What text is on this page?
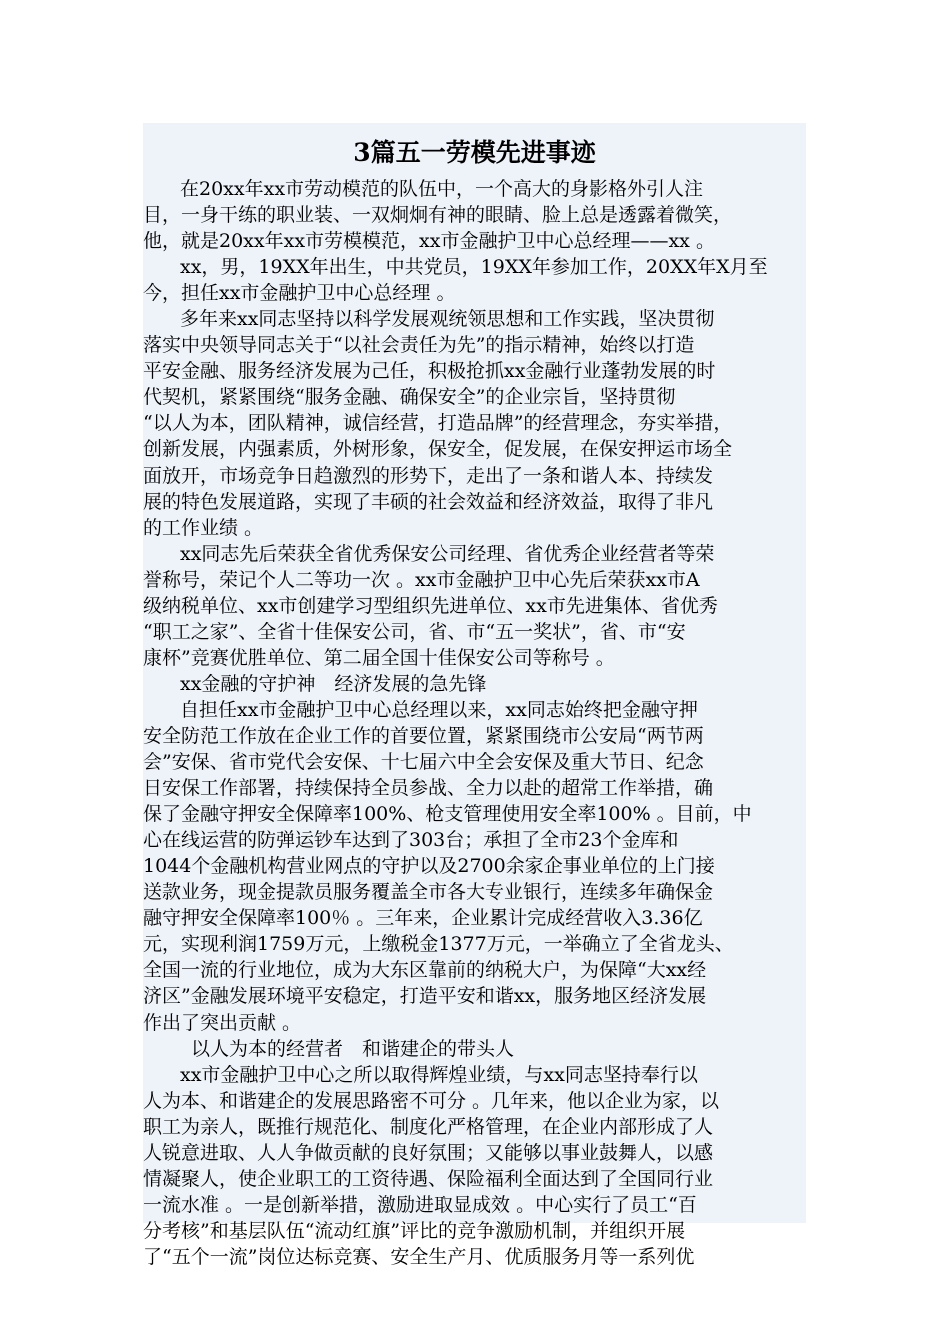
3篇五一劳模先进事迹
在20xx年xx市劳动模范的队伍中，一个高大的身影格外引人注
目，一身干练的职业装、一双炯炯有神的眼睛、脸上总是透露着微笑，
他，就是20xx年xx市劳模模范，xx市金融护卫中心总经理——xx 。
xx，男，19XX年出生，中共党员，19XX年参加工作，20XX年X月至
今，担任xx市金融护卫中心总经理 。
多年来xx同志坚持以科学发展观统领思想和工作实践，坚决贯彻
落实中央领导同志关于“以社会责任为先”的指示精神，始终以打造
平安金融、服务经济发展为己任，积极抢抓xx金融行业蓬勃发展的时
代契机，紧紧围绕“服务金融、确保安全”的企业宗旨，坚持贯彻
“以人为本，团队精神，诚信经营，打造品牌”的经营理念，夯实举措，
创新发展，内强素质，外树形象，保安全，促发展，在保安押运市场全
面放开，市场竞争日趋激烈的形势下，走出了一条和谐人本、持续发
展的特色发展道路，实现了丰硕的社会效益和经济效益，取得了非凡
的工作业绩 。
xx同志先后荣获全省优秀保安公司经理、省优秀企业经营者等荣
誉称号，荣记个人二等功一次 。xx市金融护卫中心先后荣获xx市A
级纳税单位、xx市创建学习型组织先进单位、xx市先进集体、省优秀
“职工之家”、全省十佳保安公司，省、市“五一奖状”，省、市“安
康杯”竞赛优胜单位、第二届全国十佳保安公司等称号 。
xx金融的守护神　经济发展的急先锋
自担任xx市金融护卫中心总经理以来，xx同志始终把金融守押
安全防范工作放在企业工作的首要位置，紧紧围绕市公安局“两节两
会”安保、省市党代会安保、十七届六中全会安保及重大节日、纪念
日安保工作部署，持续保持全员参战、全力以赴的超常工作举措，确
保了金融守押安全保障率100%、枪支管理使用安全率100% 。目前，中
心在线运营的防弹运钞车达到了303台；承担了全市23个金库和
1044个金融机构营业网点的守护以及2700余家企事业单位的上门接
送款业务，现金提款员服务覆盖全市各大专业银行，连续多年确保金
融守押安全保障率100％ 。三年来，企业累计完成经营收入3.36亿
元，实现利润1759万元，上缴税金1377万元，一举确立了全省龙头、
全国一流的行业地位，成为大东区靠前的纳税大户，为保障“大xx经
济区”金融发展环境平安稳定，打造平安和谐xx，服务地区经济发展
作出了突出贡献 。
以人为本的经营者　和谐建企的带头人
xx市金融护卫中心之所以取得辉煌业绩，与xx同志坚持奉行以
人为本、和谐建企的发展思路密不可分 。几年来，他以企业为家，以
职工为亲人，既推行规范化、制度化严格管理，在企业内部形成了人
人锐意进取、人人争做贡献的良好氛围；又能够以事业鼓舞人，以感
情凝聚人，使企业职工的工资待遇、保险福利全面达到了全国同行业
一流水准 。一是创新举措，激励进取显成效 。中心实行了员工“百
分考核”和基层队伍“流动红旗”评比的竞争激励机制，并组织开展
了“五个一流”岗位达标竞赛、安全生产月、优质服务月等一系列优
